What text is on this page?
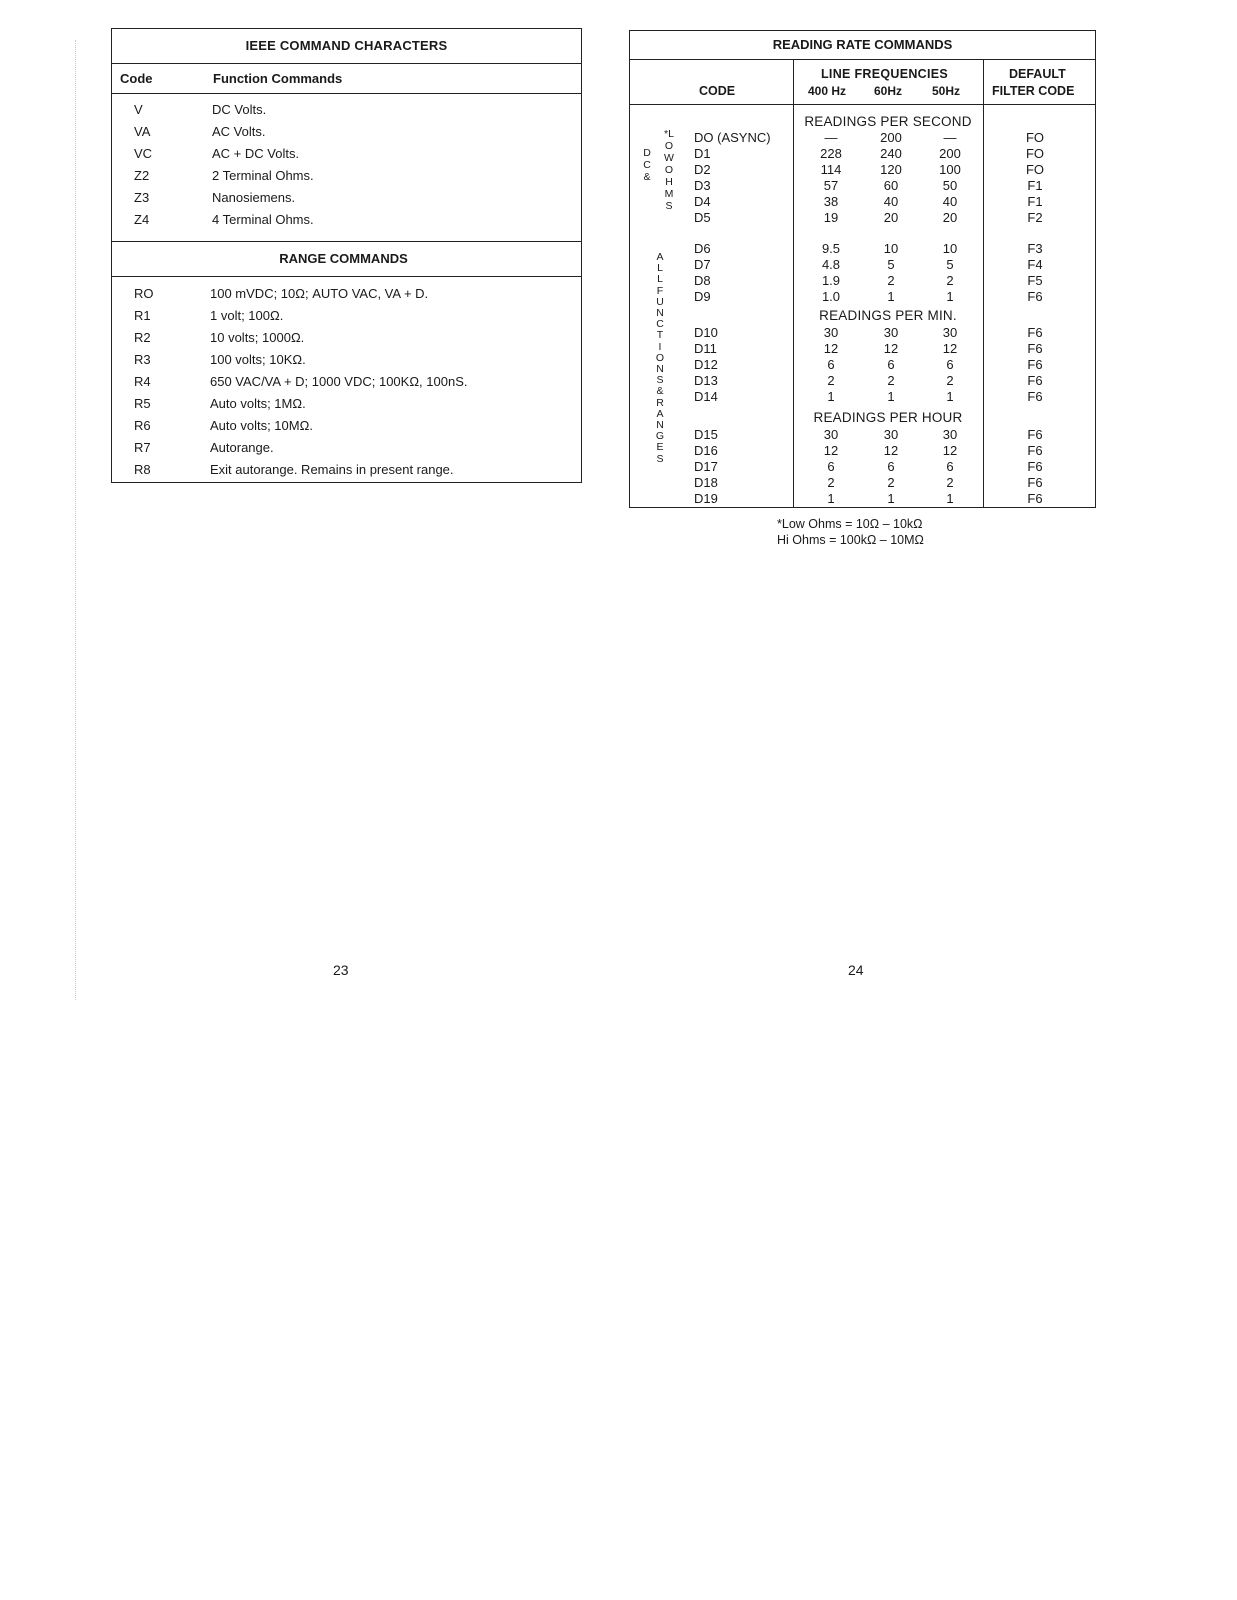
IEEE COMMAND CHARACTERS
Code	Function Commands
V	DC Volts.
VA	AC Volts.
VC	AC + DC Volts.
Z2	2 Terminal Ohms.
Z3	Nanosiemens.
Z4	4 Terminal Ohms.
RANGE COMMANDS
RO	100 mVDC; 10Ω; AUTO VAC, VA + D.
R1	1 volt; 100Ω.
R2	10 volts; 1000Ω.
R3	100 volts; 10KΩ.
R4	650 VAC/VA + D; 1000 VDC; 100KΩ, 100nS.
R5	Auto volts; 1MΩ.
R6	Auto volts; 10MΩ.
R7	Autorange.
R8	Exit autorange. Remains in present range.
READING RATE COMMANDS
CODE
LINE FREQUENCIES
400 Hz 60Hz 50Hz
DEFAULT
FILTER CODE
D
C
&
*L
O
W
O
H
M
S
A
L
L
F
U
N
C
T
I
O
N
S
&
R
A
N
G
E
S
READINGS PER SECOND
READINGS PER MIN.
READINGS PER HOUR
DO (ASYNC)	—	200	—	FO
D1	228	240	200	FO
D2	114	120	100	FO
D3	57	60	50	F1
D4	38	40	40	F1
D5	19	20	20	F2
D6	9.5	10	10	F3
D7	4.8	5	5	F4
D8	1.9	2	2	F5
D9	1.0	1	1	F6
D10	30	30	30	F6
D11	12	12	12	F6
D12	6	6	6	F6
D13	2	2	2	F6
D14	1	1	1	F6
D15	30	30	30	F6
D16	12	12	12	F6
D17	6	6	6	F6
D18	2	2	2	F6
D19	1	1	1	F6
*Low Ohms = 10Ω – 10kΩ
Hi Ohms = 100kΩ – 10MΩ
23	24
